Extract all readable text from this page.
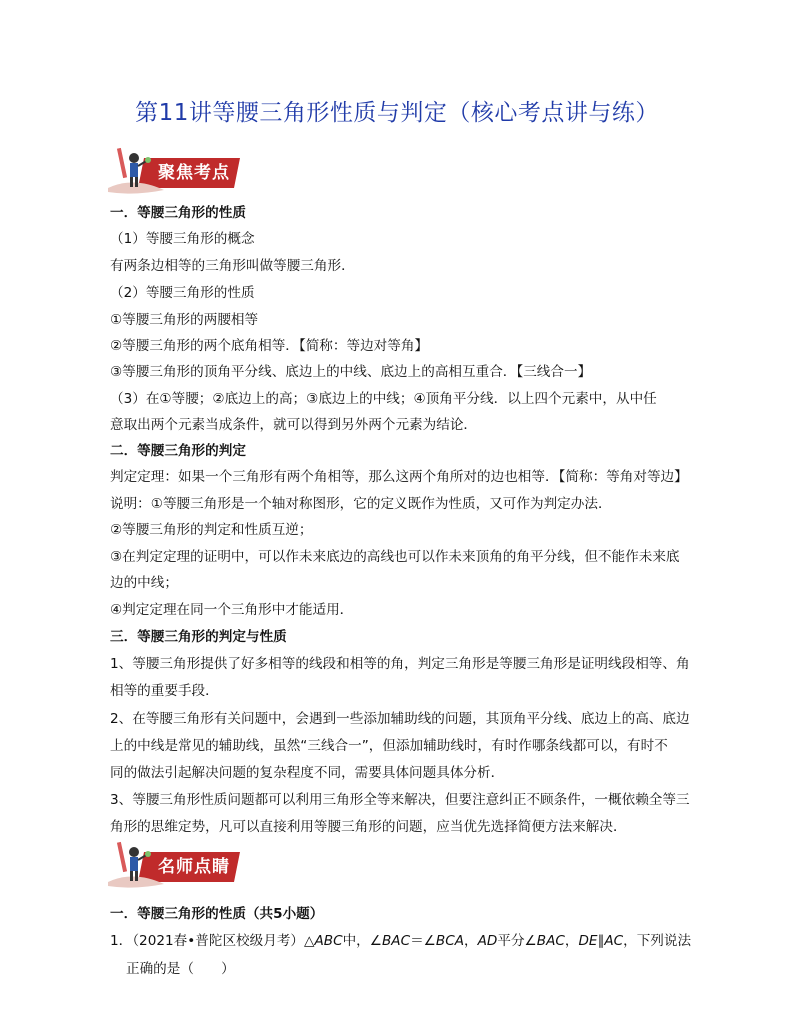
第11讲等腰三角形性质与判定（核心考点讲与练）
聚焦考点
一．等腰三角形的性质
（1）等腰三角形的概念
有两条边相等的三角形叫做等腰三角形．
（2）等腰三角形的性质
①等腰三角形的两腰相等
②等腰三角形的两个底角相等．【简称：等边对等角】
③等腰三角形的顶角平分线、底边上的中线、底边上的高相互重合．【三线合一】
（3）在①等腰；②底边上的高；③底边上的中线；④顶角平分线．以上四个元素中，从中任
意取出两个元素当成条件，就可以得到另外两个元素为结论．
二．等腰三角形的判定
判定定理：如果一个三角形有两个角相等，那么这两个角所对的边也相等．【简称：等角对等边】
说明：①等腰三角形是一个轴对称图形，它的定义既作为性质，又可作为判定办法．
②等腰三角形的判定和性质互逆；
③在判定定理的证明中，可以作未来底边的高线也可以作未来顶角的角平分线，但不能作未来底
边的中线；
④判定定理在同一个三角形中才能适用．
三．等腰三角形的判定与性质
1、等腰三角形提供了好多相等的线段和相等的角，判定三角形是等腰三角形是证明线段相等、角
相等的重要手段．
2、在等腰三角形有关问题中，会遇到一些添加辅助线的问题，其顶角平分线、底边上的高、底边
上的中线是常见的辅助线，虽然“三线合一”，但添加辅助线时，有时作哪条线都可以，有时不
同的做法引起解决问题的复杂程度不同，需要具体问题具体分析．
3、等腰三角形性质问题都可以利用三角形全等来解决，但要注意纠正不顾条件，一概依赖全等三
角形的思维定势，凡可以直接利用等腰三角形的问题，应当优先选择简便方法来解决．
名师点睛
一．等腰三角形的性质（共5小题）
1．（2021春•普陀区校级月考）△ABC中，∠BAC＝∠BCA，AD平分∠BAC，DE∥AC，下列说法
正确的是（　　）
